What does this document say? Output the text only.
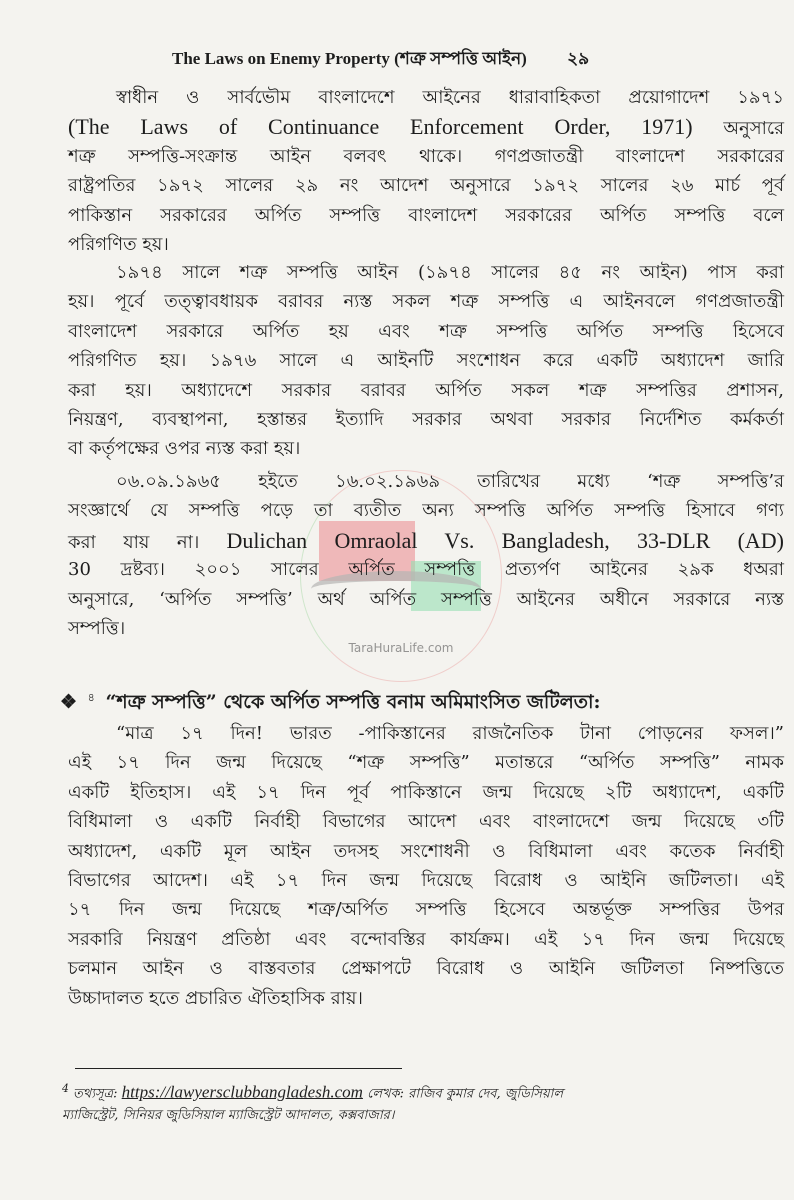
The Laws on Enemy Property (শত্রু সম্পত্তি আইন) ২৯
TaraHuraLife.com
স্বাধীন ও সার্বভৌম বাংলাদেশে আইনের ধারাবাহিকতা প্রয়োগাদেশ ১৯৭১
(The Laws of Continuance Enforcement Order, 1971) অনুসারে
শত্রু সম্পত্তি-সংক্রান্ত আইন বলবৎ থাকে। গণপ্রজাতন্ত্রী বাংলাদেশ সরকারের
রাষ্ট্রপতির ১৯৭২ সালের ২৯ নং আদেশ অনুসারে ১৯৭২ সালের ২৬ মার্চ পূর্ব
পাকিস্তান সরকারের অর্পিত সম্পত্তি বাংলাদেশ সরকারের অর্পিত সম্পত্তি বলে
পরিগণিত হয়।
১৯৭৪ সালে শত্রু সম্পত্তি আইন (১৯৭৪ সালের ৪৫ নং আইন) পাস করা
হয়। পূর্বে তত্ত্বাবধায়ক বরাবর ন্যস্ত সকল শত্রু সম্পত্তি এ আইনবলে গণপ্রজাতন্ত্রী
বাংলাদেশ সরকারে অর্পিত হয় এবং শত্রু সম্পত্তি অর্পিত সম্পত্তি হিসেবে
পরিগণিত হয়। ১৯৭৬ সালে এ আইনটি সংশোধন করে একটি অধ্যাদেশ জারি
করা হয়। অধ্যাদেশে সরকার বরাবর অর্পিত সকল শত্রু সম্পত্তির প্রশাসন,
নিয়ন্ত্রণ, ব্যবস্থাপনা, হস্তান্তর ইত্যাদি সরকার অথবা সরকার নির্দেশিত কর্মকর্তা
বা কর্তৃপক্ষের ওপর ন্যস্ত করা হয়।
০৬.০৯.১৯৬৫ হইতে ১৬.০২.১৯৬৯ তারিখের মধ্যে ‘শত্রু সম্পত্তি’র
সংজ্ঞার্থে যে সম্পত্তি পড়ে তা ব্যতীত অন্য সম্পত্তি অর্পিত সম্পত্তি হিসাবে গণ্য
করা যায় না। Dulichan Omraolal Vs. Bangladesh, 33-DLR (AD)
30 দ্রষ্টব্য। ২০০১ সালের অর্পিত সম্পত্তি প্রত্যর্পণ আইনের ২৯ক ধঅরা
অনুসারে, ‘অর্পিত সম্পত্তি’ অর্থ অর্পিত সম্পত্তি আইনের অধীনে সরকারে ন্যস্ত
সম্পত্তি।
“মাত্র ১৭ দিন! ভারত -পাকিস্তানের রাজনৈতিক টানা পোড়নের ফসল।”
এই ১৭ দিন জন্ম দিয়েছে “শত্রু সম্পত্তি” মতান্তরে “অর্পিত সম্পত্তি” নামক
একটি ইতিহাস। এই ১৭ দিন পূর্ব পাকিস্তানে জন্ম দিয়েছে ২টি অধ্যাদেশ, একটি
বিধিমালা ও একটি নির্বাহী বিভাগের আদেশ এবং বাংলাদেশে জন্ম দিয়েছে ৩টি
অধ্যাদেশ, একটি মূল আইন তদসহ সংশোধনী ও বিধিমালা এবং কতেক নির্বাহী
বিভাগের আদেশ। এই ১৭ দিন জন্ম দিয়েছে বিরোধ ও আইনি জটিলতা। এই
১৭ দিন জন্ম দিয়েছে শত্রু/অর্পিত সম্পত্তি হিসেবে অন্তর্ভূক্ত সম্পত্তির উপর
সরকারি নিয়ন্ত্রণ প্রতিষ্ঠা এবং বন্দোবস্তির কার্যক্রম। এই ১৭ দিন জন্ম দিয়েছে
চলমান আইন ও বাস্তবতার প্রেক্ষাপটে বিরোধ ও আইনি জটিলতা নিষ্পত্তিতে
উচ্চাদালত হতে প্রচারিত ঐতিহাসিক রায়।
❖ $^৪$ “শত্রু সম্পত্তি” থেকে অর্পিত সম্পত্তি বনাম অমিমাংসিত জটিলতা:
$^4$ তথ্যসূত্র: https://lawyersclubbangladesh.com লেখক: রাজিব কুমার দেব, জুডিসিয়াল
ম্যাজিস্ট্রেট, সিনিয়র জুডিসিয়াল ম্যাজিস্ট্রেট আদালত, কক্সবাজার।
